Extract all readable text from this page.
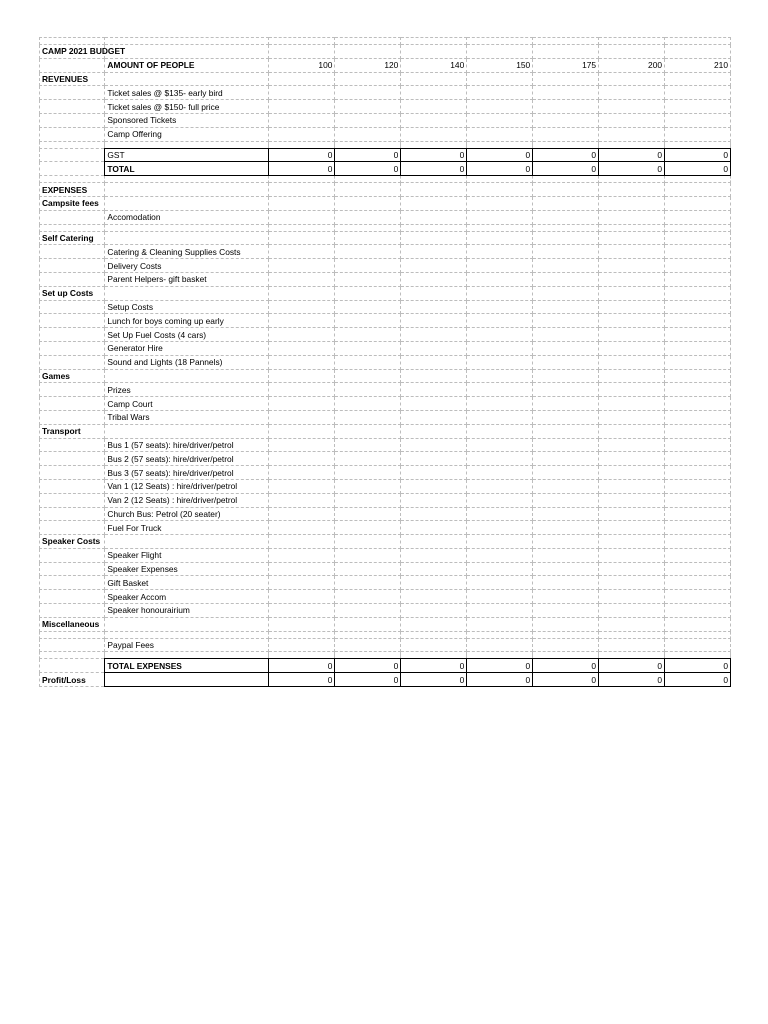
CAMP 2021 BUDGET								
	AMOUNT OF PEOPLE	100	120	140	150	175	200	210
REVENUES								
	Ticket sales @ $135- early bird							
	Ticket sales @ $150- full price							
	Sponsored Tickets							
	Camp Offering							

	GST	0	0	0	0	0	0	0
	TOTAL	0	0	0	0	0	0	0

EXPENSES								
Campsite fees								
	Accomodation							

Self Catering								
	Catering & Cleaning Supplies Costs							
	Delivery Costs							
	Parent Helpers- gift basket							
Set up Costs								
	Setup Costs							
	Lunch for boys coming up early							
	Set Up Fuel Costs (4 cars)							
	Generator Hire							
	Sound and Lights (18 Pannels)							
Games								
	Prizes							
	Camp Court							
	Tribal Wars							
Transport								
	Bus 1 (57 seats): hire/driver/petrol							
	Bus 2 (57 seats): hire/driver/petrol							
	Bus 3 (57 seats): hire/driver/petrol							
	Van 1 (12 Seats) : hire/driver/petrol							
	Van 2 (12 Seats) : hire/driver/petrol							
	Church Bus: Petrol (20 seater)							
	Fuel For Truck							
Speaker Costs								
	Speaker Flight							
	Speaker Expenses							
	Gift Basket							
	Speaker Accom							
	Speaker honourairium							
Miscellaneous								

	Paypal Fees							

	TOTAL EXPENSES	0	0	0	0	0	0	0
Profit/Loss		0	0	0	0	0	0	0
